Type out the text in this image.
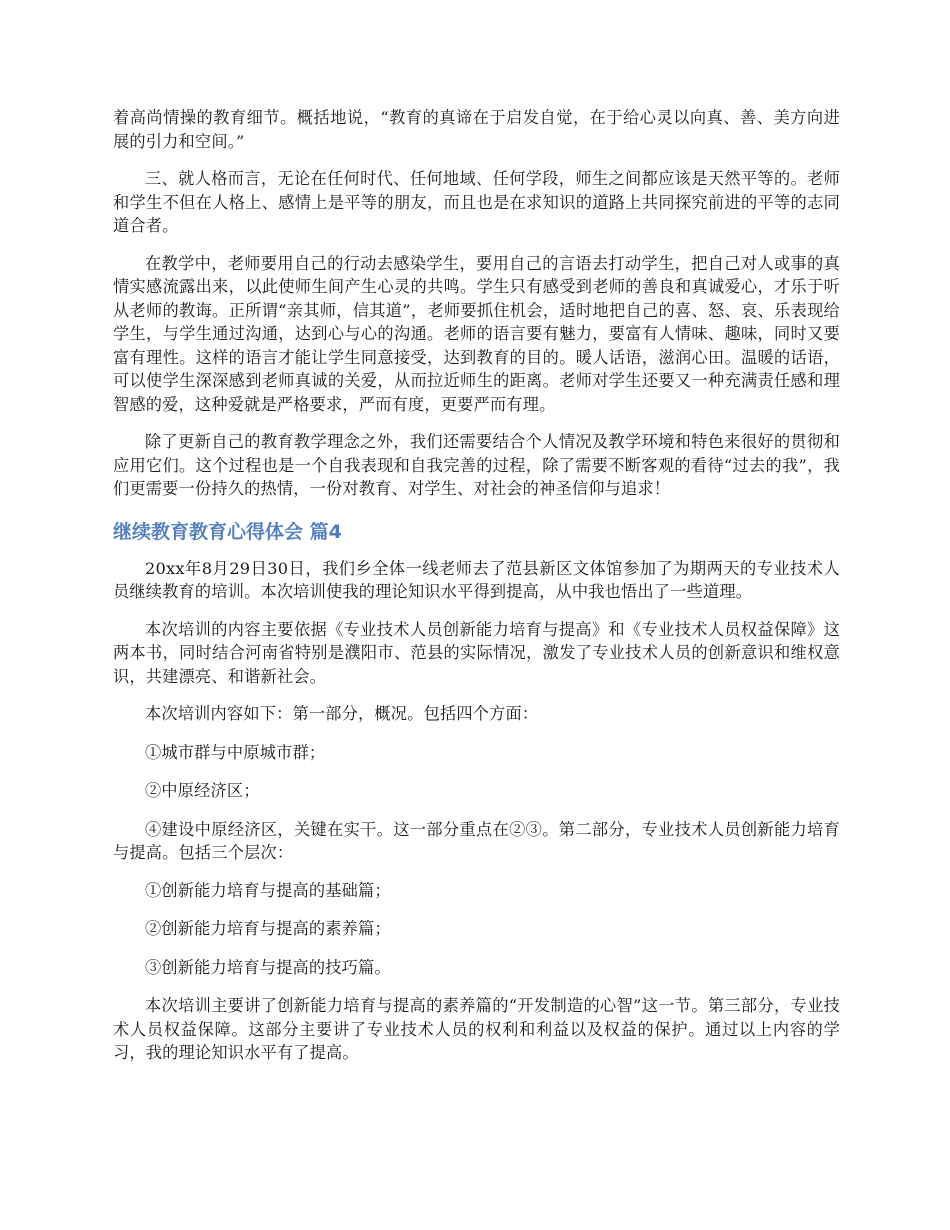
着高尚情操的教育细节。概括地说，“教育的真谛在于启发自觉，在于给心灵以向真、善、美方向进展的引力和空间。”

三、就人格而言，无论在任何时代、任何地域、任何学段，师生之间都应该是天然平等的。老师和学生不但在人格上、感情上是平等的朋友，而且也是在求知识的道路上共同探究前进的平等的志同道合者。

在教学中，老师要用自己的行动去感染学生，要用自己的言语去打动学生，把自己对人或事的真情实感流露出来，以此使师生间产生心灵的共鸣。学生只有感受到老师的善良和真诚爱心，才乐于听从老师的教诲。正所谓“亲其师，信其道”，老师要抓住机会，适时地把自己的喜、怒、哀、乐表现给学生，与学生通过沟通，达到心与心的沟通。老师的语言要有魅力，要富有人情味、趣味，同时又要富有理性。这样的语言才能让学生同意接受，达到教育的目的。暖人话语，滋润心田。温暖的话语，可以使学生深深感到老师真诚的关爱，从而拉近师生的距离。老师对学生还要又一种充满责任感和理智感的爱，这种爱就是严格要求，严而有度，更要严而有理。

除了更新自己的教育教学理念之外，我们还需要结合个人情况及教学环境和特色来很好的贯彻和应用它们。这个过程也是一个自我表现和自我完善的过程，除了需要不断客观的看待“过去的我”，我们更需要一份持久的热情，一份对教育、对学生、对社会的神圣信仰与追求！

继续教育教育心得体会 篇4

20xx年8月29日30日，我们乡全体一线老师去了范县新区文体馆参加了为期两天的专业技术人员继续教育的培训。本次培训使我的理论知识水平得到提高，从中我也悟出了一些道理。

本次培训的内容主要依据《专业技术人员创新能力培育与提高》和《专业技术人员权益保障》这两本书，同时结合河南省特别是濮阳市、范县的实际情况，激发了专业技术人员的创新意识和维权意识，共建漂亮、和谐新社会。

本次培训内容如下：第一部分，概况。包括四个方面：

①城市群与中原城市群；

②中原经济区；

④建设中原经济区，关键在实干。这一部分重点在②③。第二部分，专业技术人员创新能力培育与提高。包括三个层次：

①创新能力培育与提高的基础篇；

②创新能力培育与提高的素养篇；

③创新能力培育与提高的技巧篇。

本次培训主要讲了创新能力培育与提高的素养篇的“开发制造的心智”这一节。第三部分，专业技术人员权益保障。这部分主要讲了专业技术人员的权利和利益以及权益的保护。通过以上内容的学习，我的理论知识水平有了提高。
